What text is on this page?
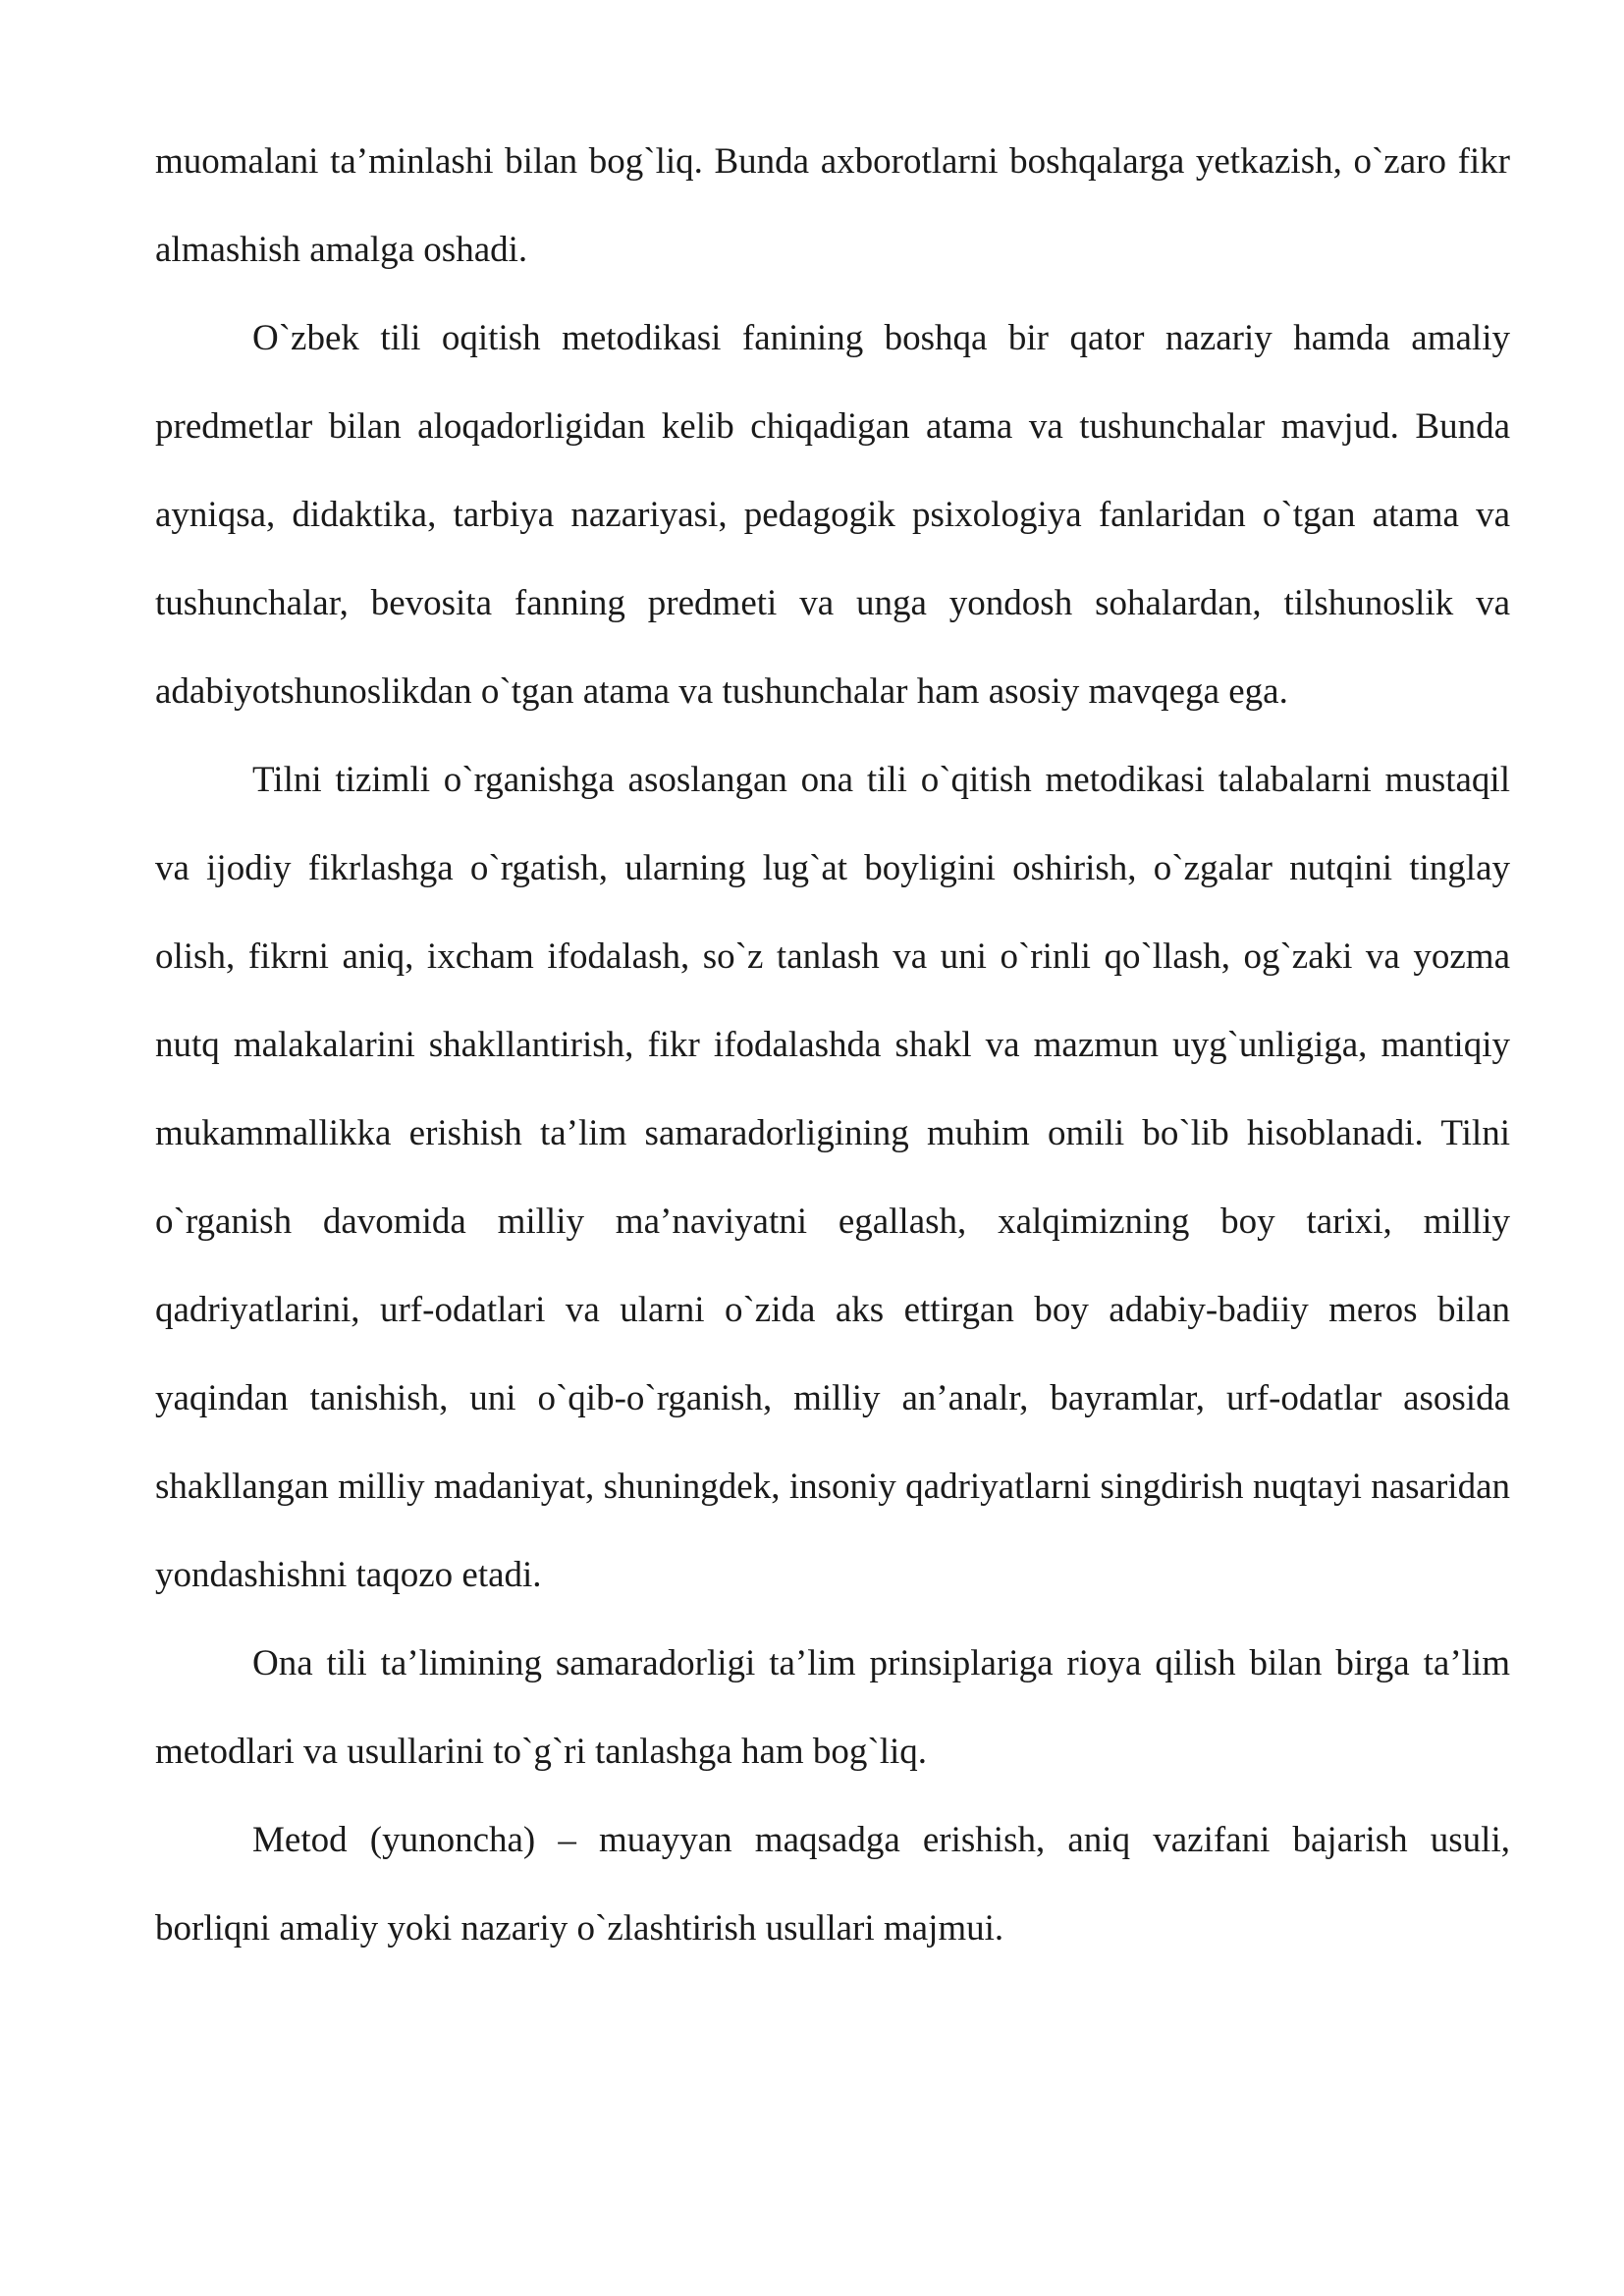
muomalani ta’minlashi bilan bog`liq. Bunda axborotlarni boshqalarga yetkazish, o`zaro fikr almashish amalga oshadi.

O`zbek tili oqitish metodikasi fanining boshqa bir qator nazariy hamda amaliy predmetlar bilan aloqadorligidan kelib chiqadigan atama va tushunchalar mavjud. Bunda ayniqsa, didaktika, tarbiya nazariyasi, pedagogik psixologiya fanlaridan o`tgan atama va tushunchalar, bevosita fanning predmeti va unga yondosh sohalardan, tilshunoslik va adabiyotshunoslikdan o`tgan atama va tushunchalar ham asosiy mavqega ega.

Tilni tizimli o`rganishga asoslangan ona tili o`qitish metodikasi talabalarni mustaqil va ijodiy fikrlashga o`rgatish, ularning lug`at boyligini oshirish, o`zgalar nutqini tinglay olish, fikrni aniq, ixcham ifodalash, so`z tanlash va uni o`rinli qo`llash, og`zaki va yozma nutq malakalarini shakllantirish, fikr ifodalashda shakl va mazmun uyg`unligiga, mantiqiy mukammallikka erishish ta’lim samaradorligining muhim omili bo`lib hisoblanadi. Tilni o`rganish davomida milliy ma’naviyatni egallash, xalqimizning boy tarixi, milliy qadriyatlarini, urf-odatlari va ularni o`zida aks ettirgan boy adabiy-badiiy meros bilan yaqindan tanishish, uni o`qib-o`rganish, milliy an’analr, bayramlar, urf-odatlar asosida shakllangan milliy madaniyat, shuningdek, insoniy qadriyatlarni singdirish nuqtayi nasaridan yondashishni taqozo etadi.

Ona tili ta’limining samaradorligi ta’lim prinsiplariga rioya qilish bilan birga ta’lim metodlari va usullarini to`g`ri tanlashga ham bog`liq.

Metod (yunoncha) – muayyan maqsadga erishish, aniq vazifani bajarish usuli, borliqni amaliy yoki nazariy o`zlashtirish usullari majmui.
